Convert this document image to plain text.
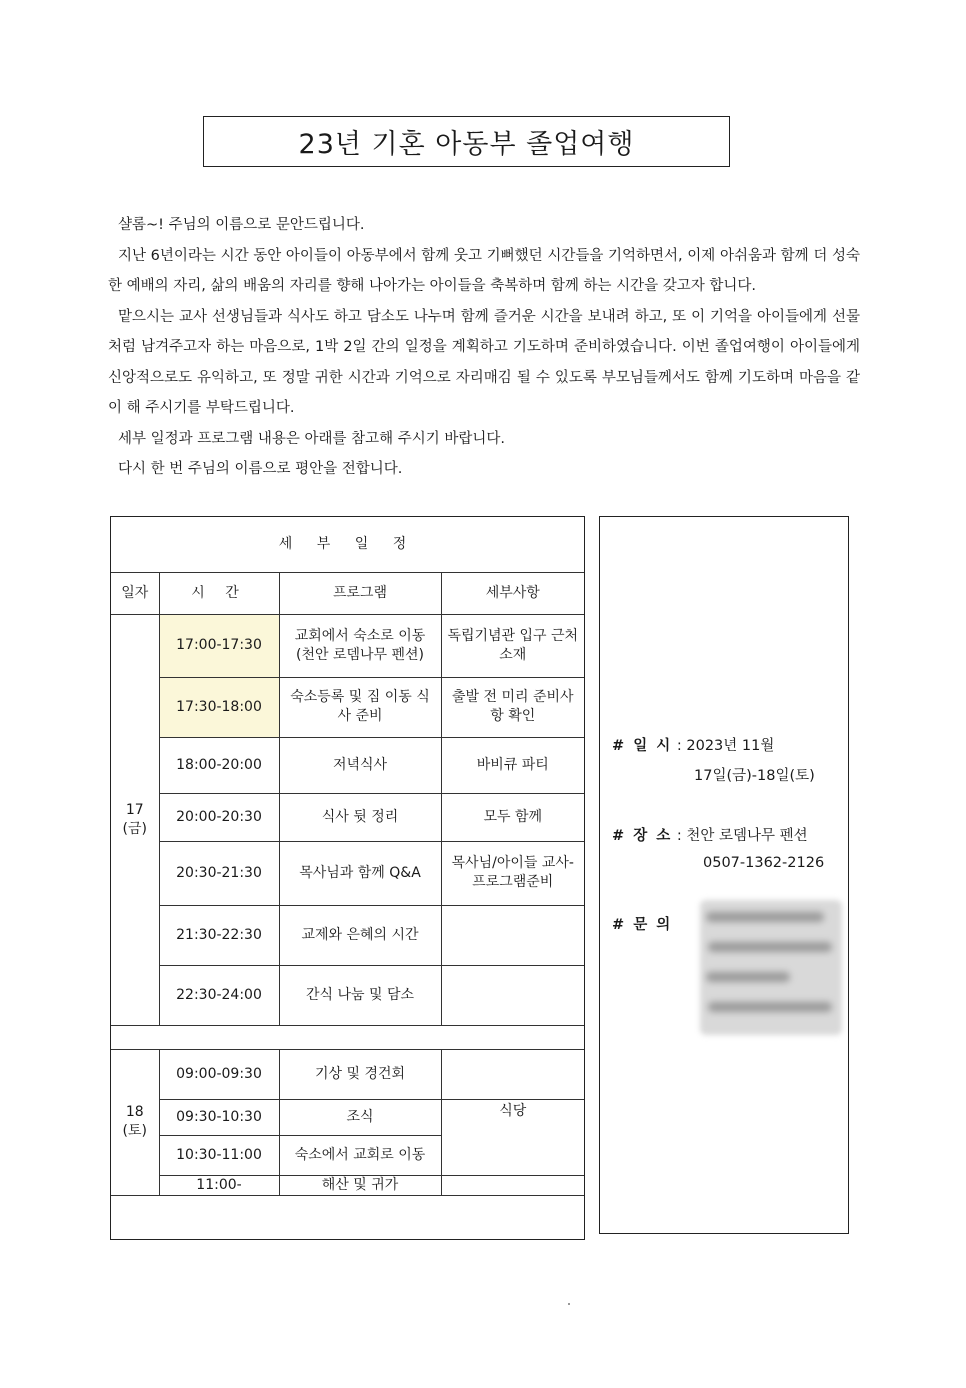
23년 기혼 아동부 졸업여행

샬롬~! 주님의 이름으로 문안드립니다.

지난 6년이라는 시간 동안 아이들이 아동부에서 함께 웃고 기뻐했던 시간들을 기억하면서, 이제 아쉬움과 함께 더 성숙한 예배의 자리, 삶의 배움의 자리를 향해 나아가는 아이들을 축복하며 함께 하는 시간을 갖고자 합니다.

맡으시는 교사 선생님들과 식사도 하고 담소도 나누며 함께 즐거운 시간을 보내려 하고, 또 이 기억을 아이들에게 선물처럼 남겨주고자 하는 마음으로, 1박 2일 간의 일정을 계획하고 기도하며 준비하였습니다. 이번 졸업여행이 아이들에게 신앙적으로도 유익하고, 또 정말 귀한 시간과 기억으로 자리매김 될 수 있도록 부모님들께서도 함께 기도하며 마음을 같이 해 주시기를 부탁드립니다.

세부 일정과 프로그램 내용은 아래를 참고해 주시기 바랍니다.

다시 한 번 주님의 이름으로 평안을 전합니다.

세 부 일 정			
일자	시 간	프로그램	세부사항

17
(금)	17:00-17:30	교회에서 숙소로 이동 (천안 로뎀나무 펜션)	독립기념관 입구 근처 소재
	17:30-18:00	숙소등록 및 짐 이동 식사 준비	출발 전 미리 준비사항 확인
	18:00-20:00	저녁식사	바비큐 파티
	20:00-20:30	식사 뒷 정리	모두 함께
	20:30-21:30	목사님과 함께 Q&A	목사님/아이들 교사-프로그램준비
	21:30-22:30	교제와 은혜의 시간	
	22:30-24:00	간식 나눔 및 담소	

18
(토)	09:00-09:30	기상 및 경건회	
	09:30-10:30	조식	식당
	10:30-11:00	숙소에서 교회로 이동	
	11:00-	해산 및 귀가	
# 일 시 : 2023년 11월
17일(금)-18일(토)
# 장 소 : 천안 로뎀나무 펜션
0507-1362-2126
# 문 의
